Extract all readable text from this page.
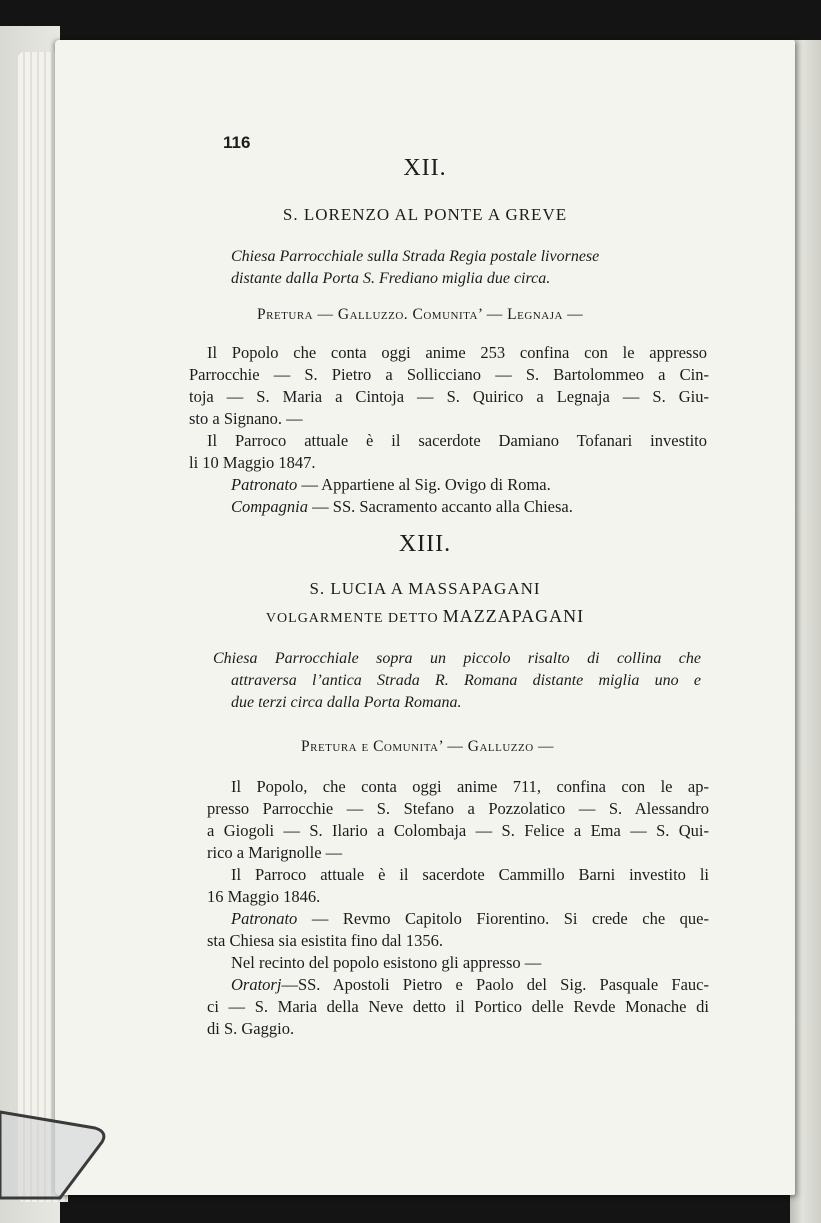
116
XII.
S. LORENZO AL PONTE A GREVE
Chiesa Parrocchiale sulla Strada Regia postale livornese
distante dalla Porta S. Frediano miglia due circa.
Pretura — Galluzzo. Comunita’ — Legnaja —
Il Popolo che conta oggi anime 253 confina con le appresso
Parrocchie — S. Pietro a Sollicciano — S. Bartolommeo a Cin-
toja — S. Maria a Cintoja — S. Quirico a Legnaja — S. Giu-
sto a Signano. —
Il Parroco attuale è il sacerdote Damiano Tofanari investito
li 10 Maggio 1847.
Patronato — Appartiene al Sig. Ovigo di Roma.
Compagnia — SS. Sacramento accanto alla Chiesa.
XIII.
S. LUCIA A MASSAPAGANI
VOLGARMENTE DETTO MAZZAPAGANI
Chiesa Parrocchiale sopra un piccolo risalto di collina che
attraversa l’antica Strada R. Romana distante miglia uno e
due terzi circa dalla Porta Romana.
Pretura e Comunita’ — Galluzzo —
Il Popolo, che conta oggi anime 711, confina con le ap-
presso Parrocchie — S. Stefano a Pozzolatico — S. Alessandro
a Giogoli — S. Ilario a Colombaja — S. Felice a Ema — S. Qui-
rico a Marignolle —
Il Parroco attuale è il sacerdote Cammillo Barni investito li
16 Maggio 1846.
Patronato — Revmo Capitolo Fiorentino. Si crede che que-
sta Chiesa sia esistita fino dal 1356.
Nel recinto del popolo esistono gli appresso —
Oratorj—SS. Apostoli Pietro e Paolo del Sig. Pasquale Fauc-
ci — S. Maria della Neve detto il Portico delle Revde Monache di
di S. Gaggio.
